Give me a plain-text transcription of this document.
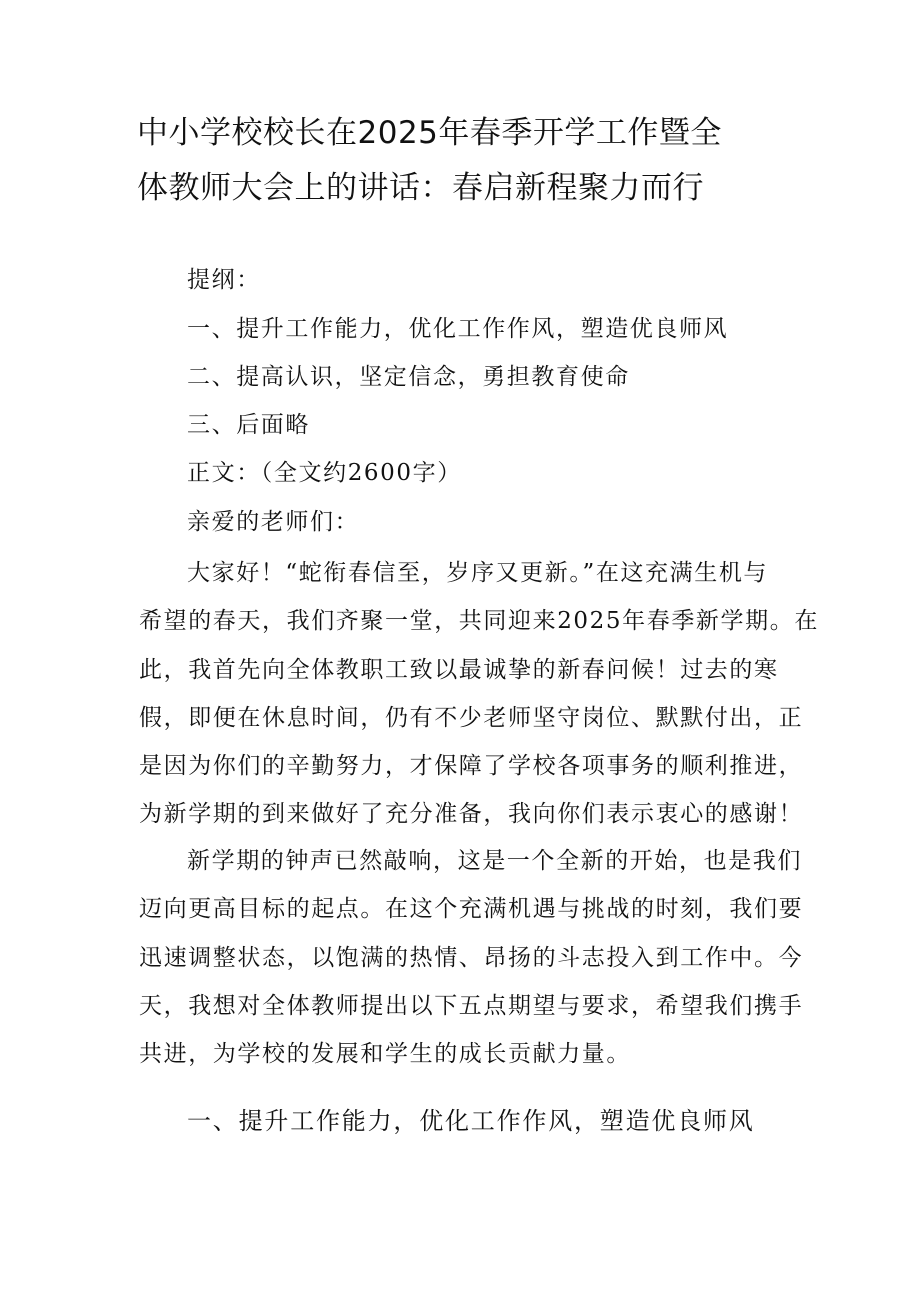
中小学校校长在2025年春季开学工作暨全
体教师大会上的讲话：春启新程聚力而行
提纲：
一、提升工作能力，优化工作作风，塑造优良师风
二、提高认识，坚定信念，勇担教育使命
三、后面略
正文：（全文约2600字）
亲爱的老师们：
大家好！“蛇衔春信至，岁序又更新。”在这充满生机与
希望的春天，我们齐聚一堂，共同迎来2025年春季新学期。在
此，我首先向全体教职工致以最诚挚的新春问候！过去的寒
假，即便在休息时间，仍有不少老师坚守岗位、默默付出，正
是因为你们的辛勤努力，才保障了学校各项事务的顺利推进，
为新学期的到来做好了充分准备，我向你们表示衷心的感谢！
新学期的钟声已然敲响，这是一个全新的开始，也是我们
迈向更高目标的起点。在这个充满机遇与挑战的时刻，我们要
迅速调整状态，以饱满的热情、昂扬的斗志投入到工作中。今
天，我想对全体教师提出以下五点期望与要求，希望我们携手
共进，为学校的发展和学生的成长贡献力量。
一、提升工作能力，优化工作作风，塑造优良师风
